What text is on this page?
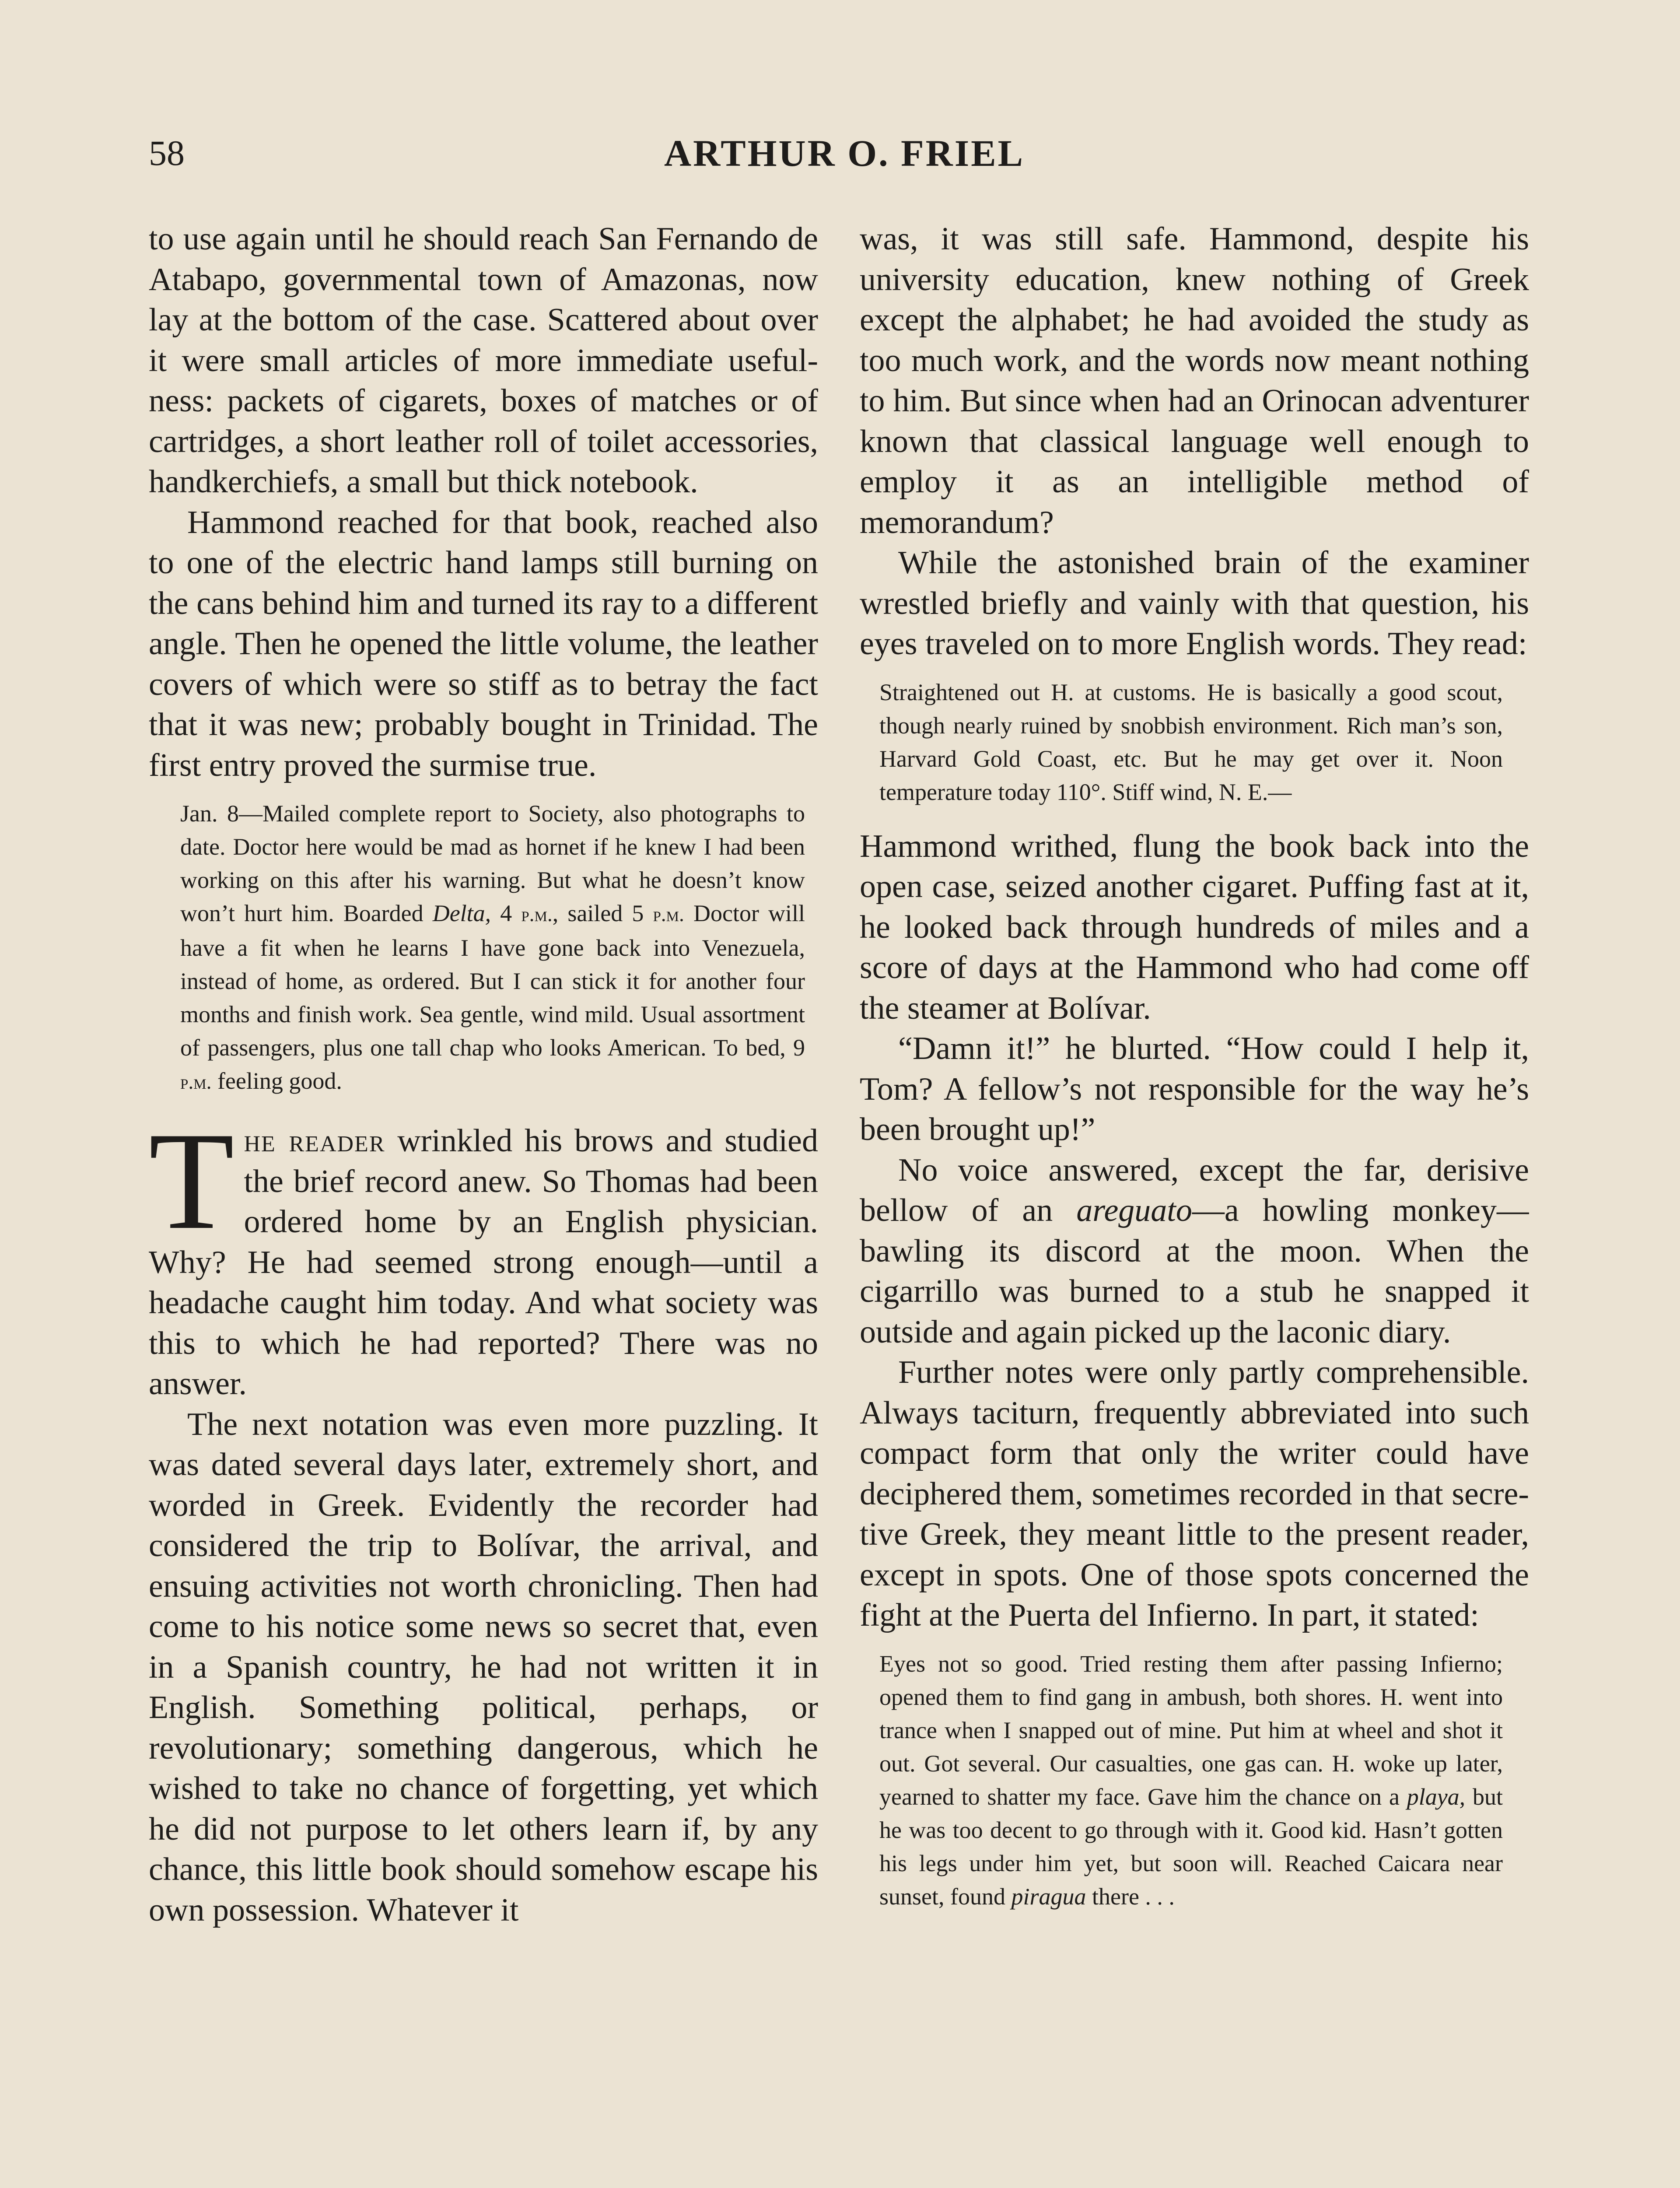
58	ARTHUR O. FRIEL

to use again until he should reach San Fernando de Atabapo, governmental town of Amazonas, now lay at the bottom of the case. Scattered about over it were small articles of more immediate usefulness: packets of cigarets, boxes of matches or of cartridges, a short leather roll of toilet accessories, handkerchiefs, a small but thick notebook.

Hammond reached for that book, reached also to one of the electric hand lamps still burning on the cans behind him and turned its ray to a different angle. Then he opened the little volume, the leather covers of which were so stiff as to betray the fact that it was new; probably bought in Trinidad. The first entry proved the surmise true.

Jan. 8—Mailed complete report to Society, also photographs to date. Doctor here would be mad as hornet if he knew I had been working on this after his warning. But what he doesn’t know won’t hurt him. Boarded Delta, 4 p.m., sailed 5 p.m. Doctor will have a fit when he learns I have gone back into Venezuela, instead of home, as ordered. But I can stick it for another four months and finish work. Sea gentle, wind mild. Usual assortment of passengers, plus one tall chap who looks American. To bed, 9 p.m. feeling good.

The reader wrinkled his brows and studied the brief record anew. So Thomas had been ordered home by an English physician. Why? He had seemed strong enough—until a headache caught him today. And what society was this to which he had reported? There was no answer.

The next notation was even more puzzling. It was dated several days later, extremely short, and worded in Greek. Evidently the recorder had considered the trip to Bolívar, the arrival, and ensuing activities not worth chronicling. Then had come to his notice some news so secret that, even in a Spanish country, he had not written it in English. Something political, perhaps, or revolutionary; something dangerous, which he wished to take no chance of forgetting, yet which he did not purpose to let others learn if, by any chance, this little book should somehow escape his own possession. Whatever it

was, it was still safe. Hammond, despite his university education, knew nothing of Greek except the alphabet; he had avoided the study as too much work, and the words now meant nothing to him. But since when had an Orinocan adventurer known that classical language well enough to employ it as an intelligible method of memorandum?

While the astonished brain of the examiner wrestled briefly and vainly with that question, his eyes traveled on to more English words. They read:

Straightened out H. at customs. He is basically a good scout, though nearly ruined by snobbish environment. Rich man’s son, Harvard Gold Coast, etc. But he may get over it. Noon temperature today 110°. Stiff wind, N. E.—

Hammond writhed, flung the book back into the open case, seized another cigaret. Puffing fast at it, he looked back through hundreds of miles and a score of days at the Hammond who had come off the steamer at Bolívar.

“Damn it!” he blurted. “How could I help it, Tom? A fellow’s not responsible for the way he’s been brought up!”

No voice answered, except the far, derisive bellow of an areguato—a howling monkey—bawling its discord at the moon. When the cigarrillo was burned to a stub he snapped it outside and again picked up the laconic diary.

Further notes were only partly comprehensible. Always taciturn, frequently abbreviated into such compact form that only the writer could have deciphered them, sometimes recorded in that secretive Greek, they meant little to the present reader, except in spots. One of those spots concerned the fight at the Puerta del Infierno. In part, it stated:

Eyes not so good. Tried resting them after passing Infierno; opened them to find gang in ambush, both shores. H. went into trance when I snapped out of mine. Put him at wheel and shot it out. Got several. Our casualties, one gas can. H. woke up later, yearned to shatter my face. Gave him the chance on a playa, but he was too decent to go through with it. Good kid. Hasn’t gotten his legs under him yet, but soon will. Reached Caicara near sunset, found piragua there . . .
